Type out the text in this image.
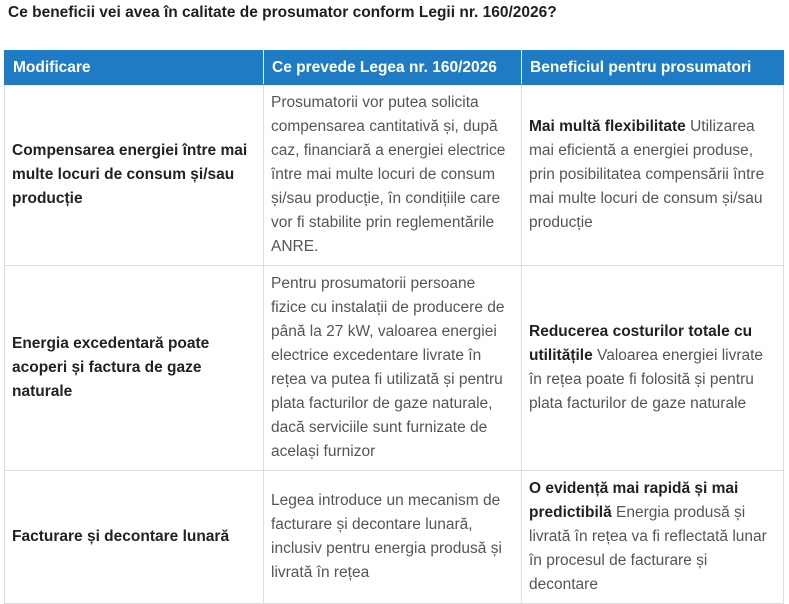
Ce beneficii vei avea în calitate de prosumator conform Legii nr. 160/2026?
Modificare	Ce prevede Legea nr. 160/2026	Beneficiul pentru prosumatori
Compensarea energiei între mai multe locuri de consum și/sau producție	Prosumatorii vor putea solicita compensarea cantitativă și, după caz, financiară a energiei electrice între mai multe locuri de consum și/sau producție, în condițiile care vor fi stabilite prin reglementările ANRE.	Mai multă flexibilitate Utilizarea mai eficientă a energiei produse, prin posibilitatea compensării între mai multe locuri de consum și/sau producție
Energia excedentară poate acoperi și factura de gaze naturale	Pentru prosumatorii persoane fizice cu instalații de producere de până la 27 kW, valoarea energiei electrice excedentare livrate în rețea va putea fi utilizată și pentru plata facturilor de gaze naturale, dacă serviciile sunt furnizate de același furnizor	Reducerea costurilor totale cu utilitățile Valoarea energiei livrate în rețea poate fi folosită și pentru plata facturilor de gaze naturale
Facturare și decontare lunară	Legea introduce un mecanism de facturare și decontare lunară, inclusiv pentru energia produsă și livrată în rețea	O evidență mai rapidă și mai predictibilă Energia produsă și livrată în rețea va fi reflectată lunar în procesul de facturare și decontare
